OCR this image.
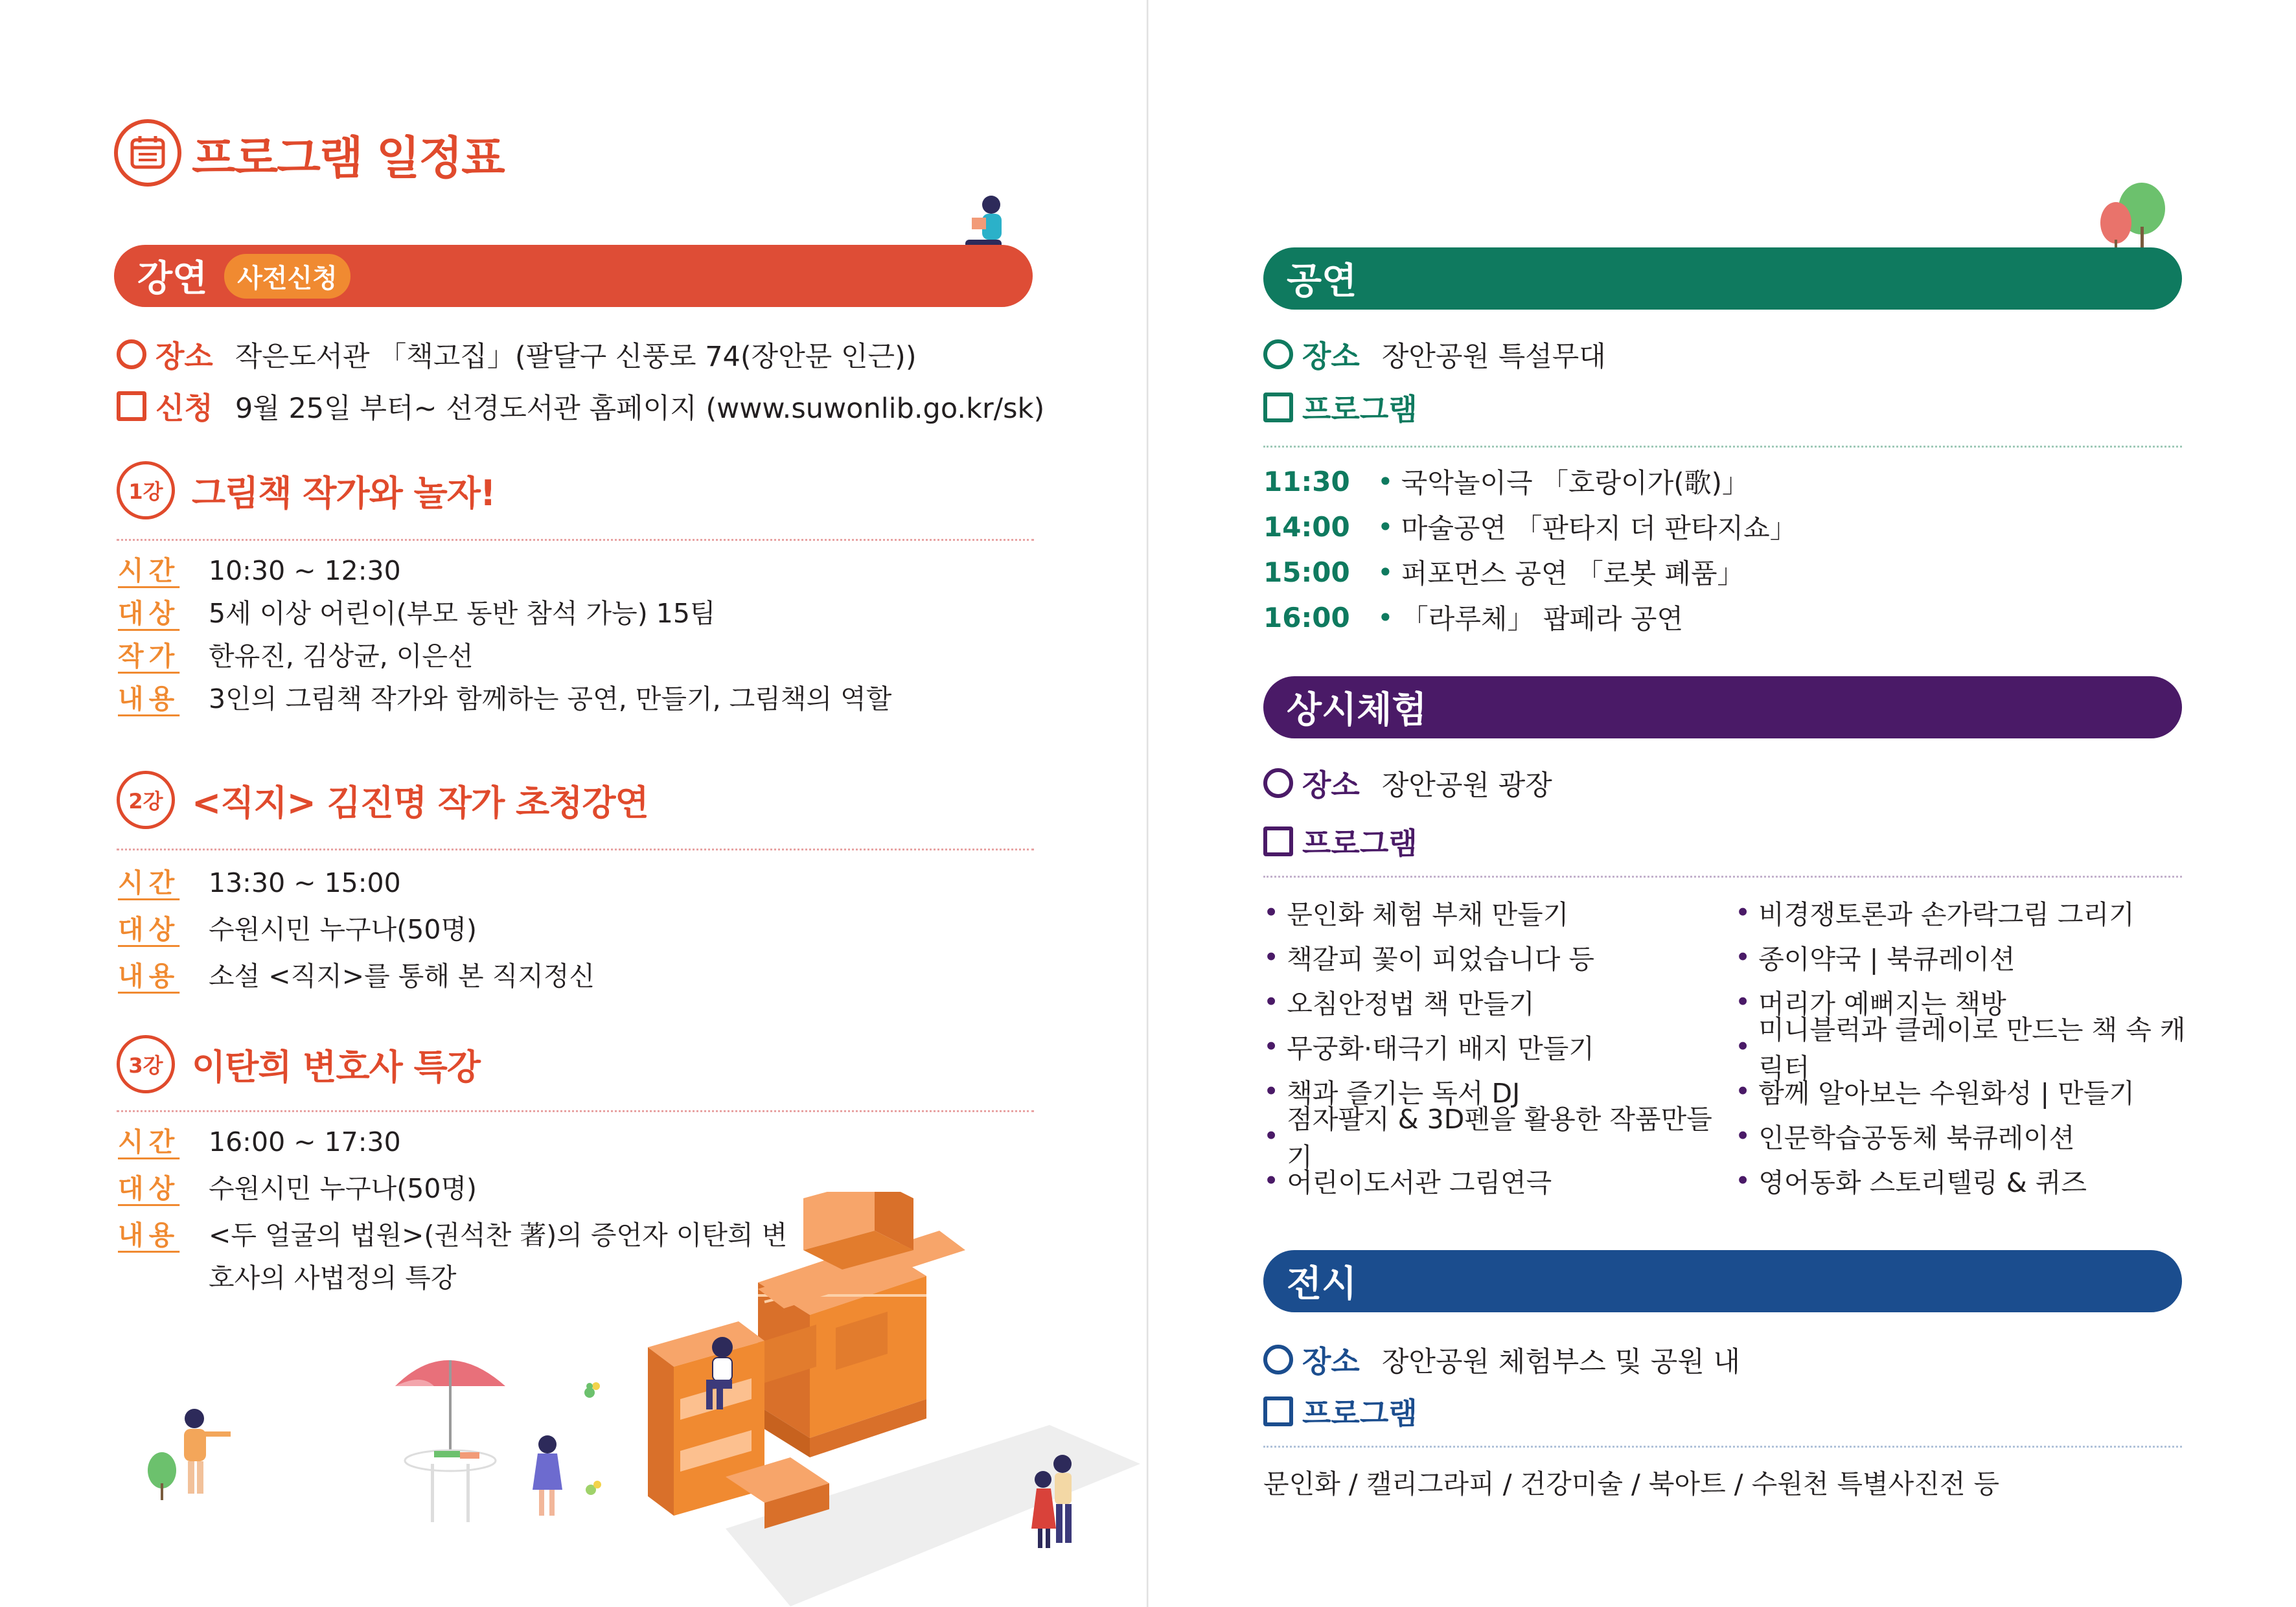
프로그램 일정표
강연	사전신청
장소 작은도서관 「책고집」(팔달구 신풍로 74(장안문 인근))
신청 9월 25일 부터~ 선경도서관 홈페이지 (www.suwonlib.go.kr/sk)
1강 그림책 작가와 놀자!
시간	10:30 ~ 12:30
대상	5세 이상 어린이(부모 동반 참석 가능) 15팀
작가	한유진, 김상균, 이은선
내용	3인의 그림책 작가와 함께하는 공연, 만들기, 그림책의 역할
2강 <직지> 김진명 작가 초청강연
시간	13:30 ~ 15:00
대상	수원시민 누구나(50명)
내용	소설 <직지>를 통해 본 직지정신
3강 이탄희 변호사 특강
시간	16:00 ~ 17:30
대상	수원시민 누구나(50명)
내용	<두 얼굴의 법원>(권석찬 著)의 증언자 이탄희 변호사의 사법정의 특강
공연
장소 장안공원 특설무대
프로그램
11:30	• 국악놀이극 「호랑이가(歌)」
14:00	• 마술공연 「판타지 더 판타지쇼」
15:00	• 퍼포먼스 공연 「로봇 폐품」
16:00	• 「라루체」 팝페라 공연
상시체험
장소 장안공원 광장
프로그램
• 문인화 체험 부채 만들기
• 책갈피 꽃이 피었습니다 등
• 오침안정법 책 만들기
• 무궁화·태극기 배지 만들기
• 책과 즐기는 독서 DJ
•
점자팔지 & 3D펜을 활용한 작품만들기
• 어린이도서관 그림연극
• 비경쟁토론과 손가락그림 그리기
• 종이약국 | 북큐레이션
• 머리가 예뻐지는 책방
•
미니블럭과 클레이로 만드는 책 속 캐릭터
• 함께 알아보는 수원화성 | 만들기
• 인문학습공동체 북큐레이션
• 영어동화 스토리텔링 & 퀴즈
전시
장소 장안공원 체험부스 및 공원 내
프로그램
문인화 / 캘리그라피 / 건강미술 / 북아트 / 수원천 특별사진전 등
